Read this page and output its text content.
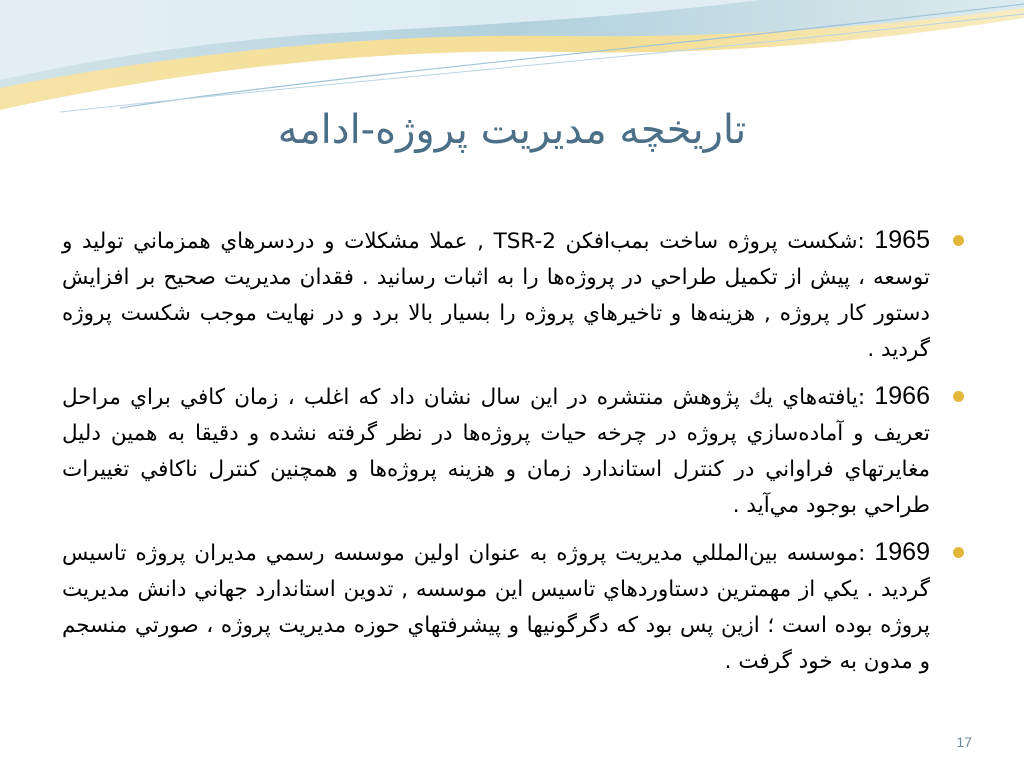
تاريخچه مديريت پروژه-ادامه
1965 :شكست پروژه ساخت بمب‌افكن TSR-2 , عملا مشكلات و دردسرهاي همزماني توليد و توسعه ، پيش از تكميل طراحي در پروژه‌ها را به اثبات رسانيد . فقدان مديريت صحيح بر افزايش دستور كار پروژه , هزينه‌ها و تاخيرهاي پروژه را بسيار بالا برد و در نهايت موجب شكست پروژه گرديد .
1966 :يافته‌هاي يك پژوهش منتشره در اين سال نشان داد كه اغلب ، زمان كافي براي مراحل تعريف و آماده‌سازي پروژه در چرخه حيات پروژه‌ها در نظر گرفته نشده و دقيقا به همين دليل مغايرتهاي فراواني در كنترل استاندارد زمان و هزينه پروژه‌ها و همچنين كنترل ناكافي تغييرات طراحي بوجود مي‌آيد .
1969 :موسسه بين‌المللي مديريت پروژه به عنوان اولين موسسه رسمي مديران پروژه تاسيس گرديد . يكي از مهمترين دستاوردهاي تاسيس اين موسسه , تدوين استاندارد جهاني دانش مديريت پروژه بوده است ؛ ازين پس بود كه دگرگونيها و پيشرفتهاي حوزه مديريت پروژه ، صورتي منسجم و مدون به خود گرفت .
17
